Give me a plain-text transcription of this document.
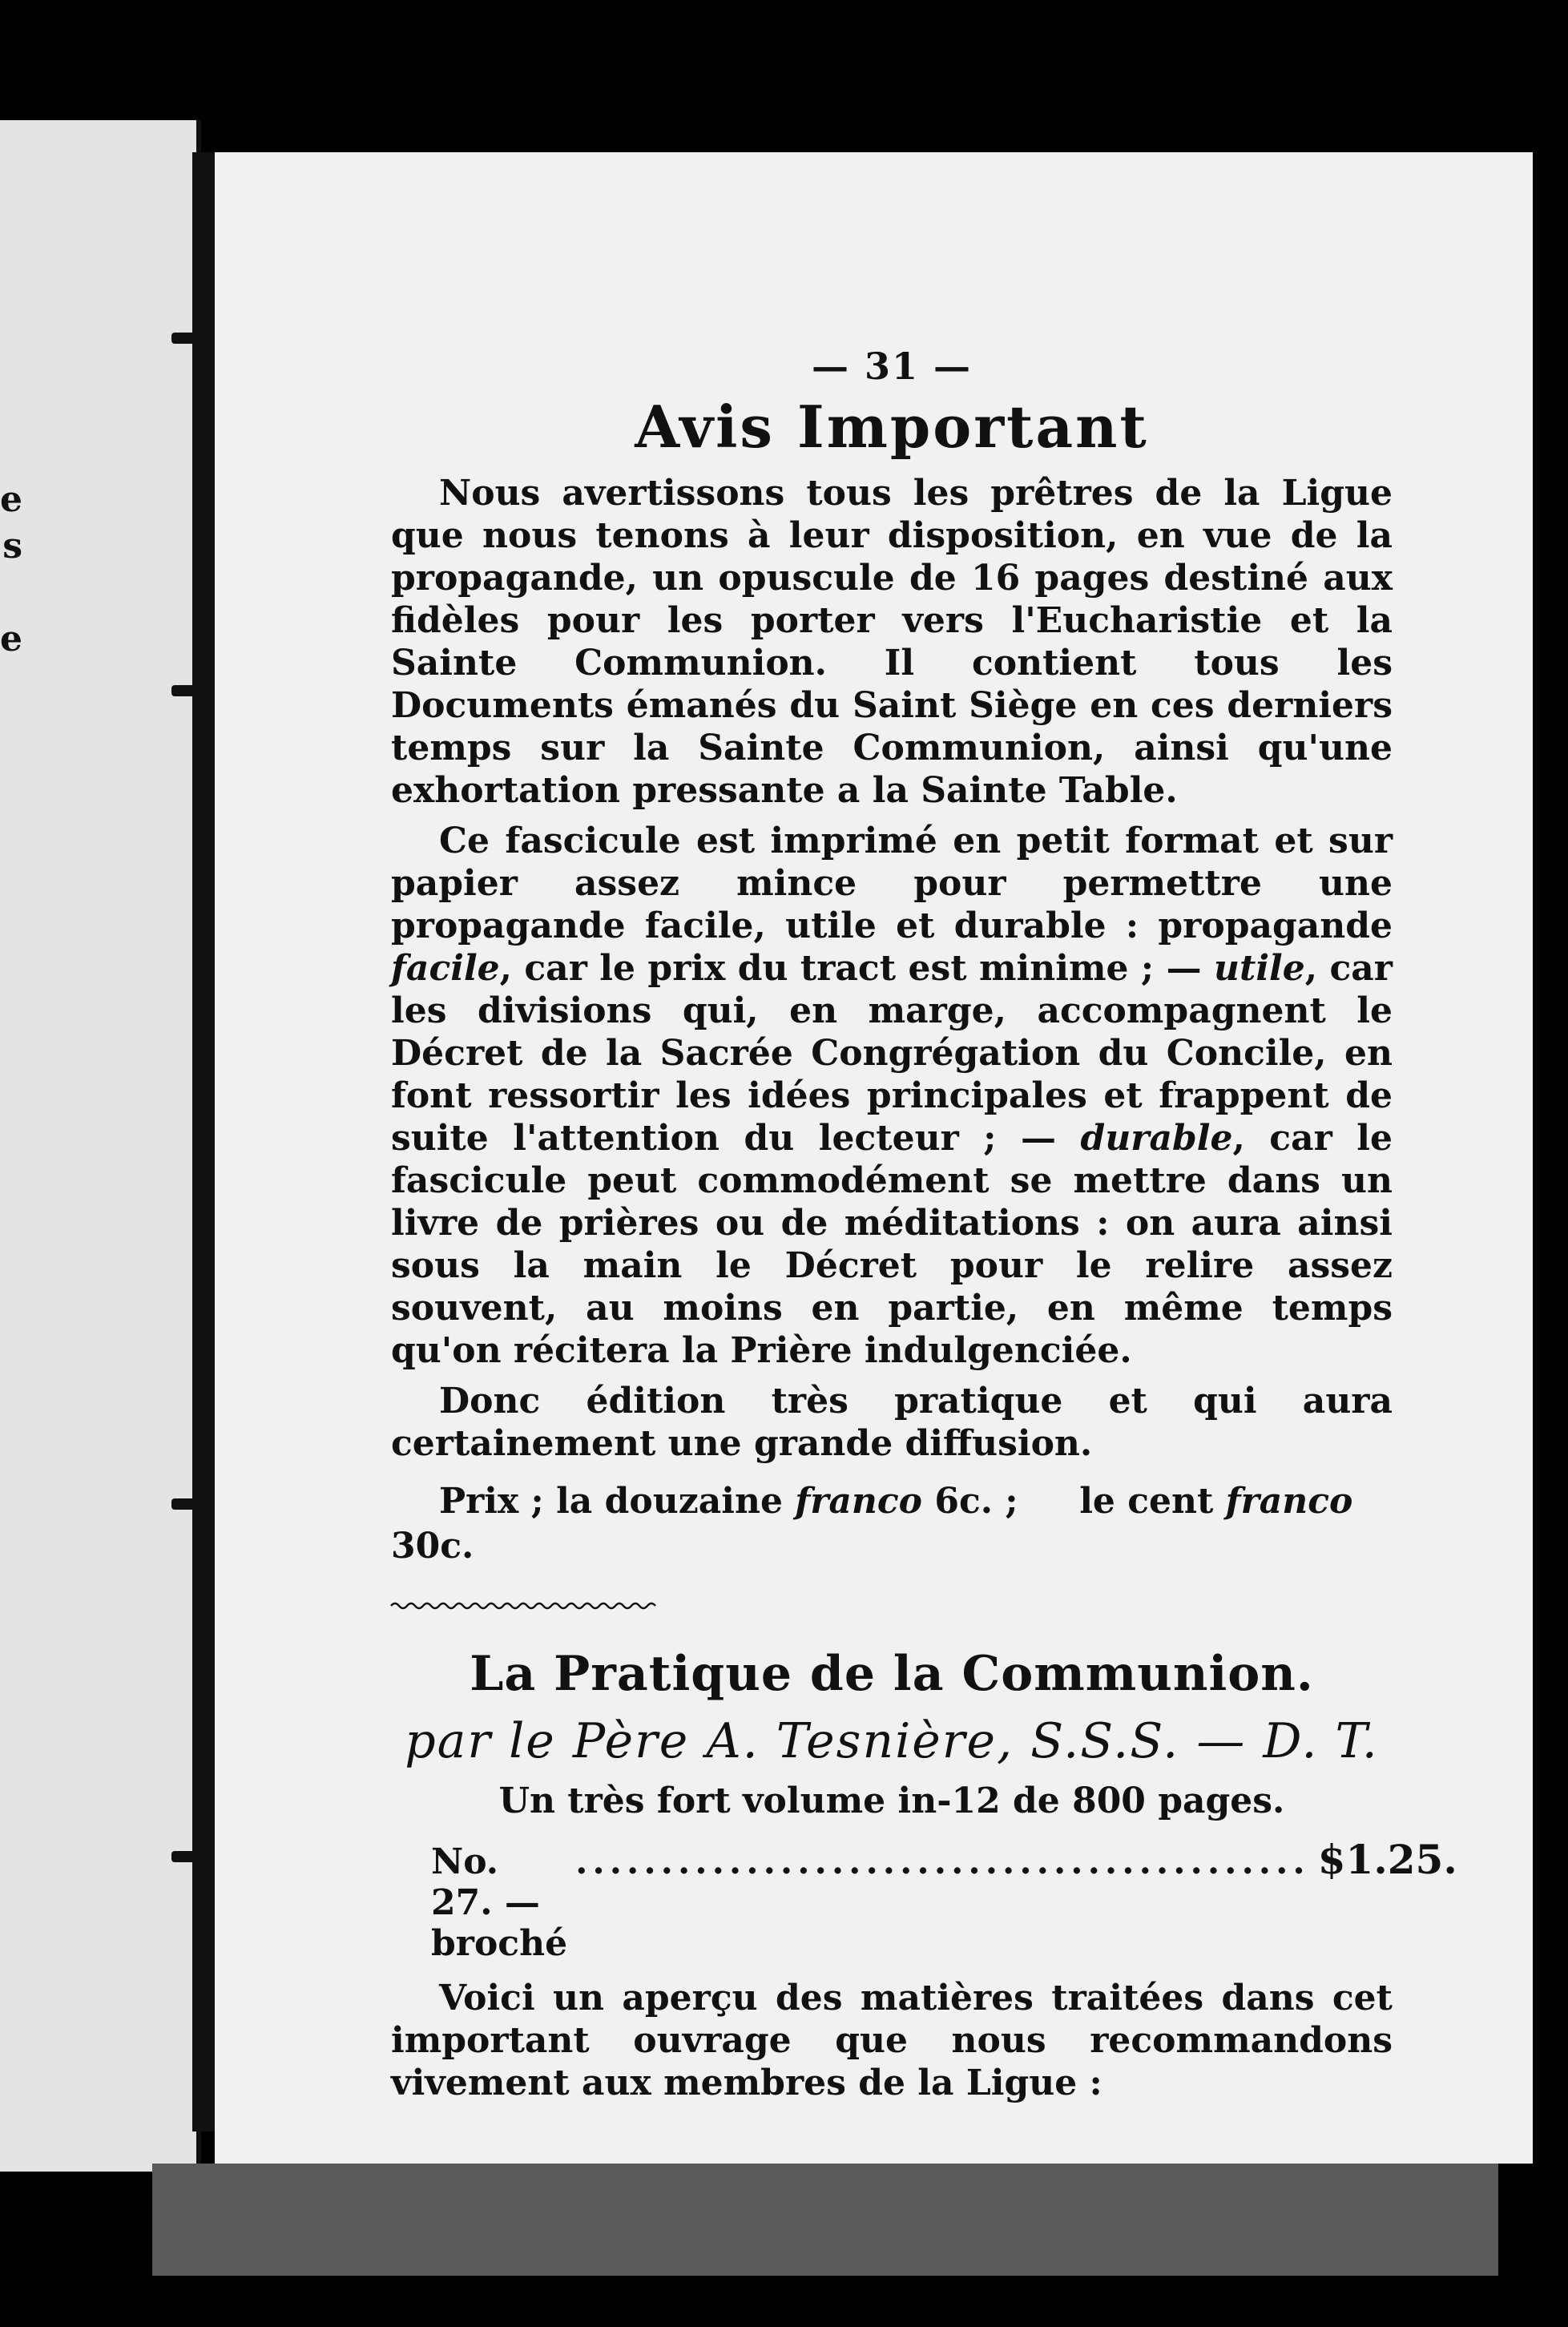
e
s

e
— 31 —
Avis Important

Nous avertissons tous les prêtres de la Ligue que nous tenons à leur disposition, en vue de la propagande, un opuscule de 16 pages destiné aux fidèles pour les porter vers l'Eucharistie et la Sainte Communion. Il contient tous les Documents émanés du Saint Siège en ces derniers temps sur la Sainte Communion, ainsi qu'une exhortation pressante a la Sainte Table.

Ce fascicule est imprimé en petit format et sur papier assez mince pour permettre une propagande facile, utile et durable : propagande facile, car le prix du tract est minime ; — utile, car les divisions qui, en marge, accompagnent le Décret de la Sacrée Congrégation du Concile, en font ressortir les idées principales et frappent de suite l'attention du lecteur ; — durable, car le fascicule peut commodément se mettre dans un livre de prières ou de méditations : on aura ainsi sous la main le Décret pour le relire assez souvent, au moins en partie, en même temps qu'on récitera la Prière indulgenciée.

Donc édition très pratique et qui aura certainement une grande diffusion.

Prix ; la douzaine franco 6c. ;     le cent franco 30c.

La Pratique de la Communion.
par le Père A. Tesnière, S.S.S. — D. T.
Un très fort volume in-12 de 800 pages.
No. 27. — broché
........................................... $1.25.

Voici un aperçu des matières traitées dans cet important ouvrage que nous recommandons vivement aux membres de la Ligue :
